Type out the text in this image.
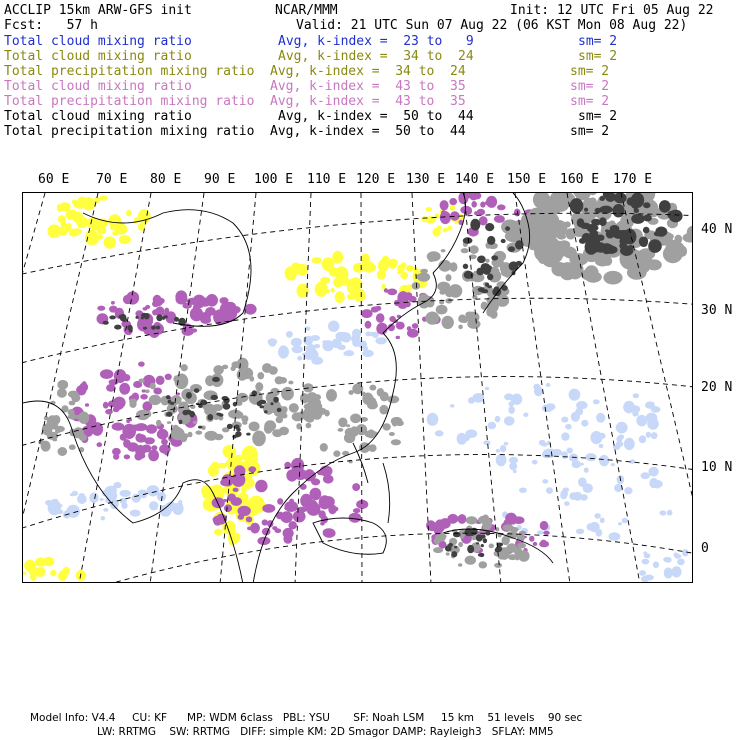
ACCLIP 15km ARW-GFS init	NCAR/MMM	Init: 12 UTC Fri 05 Aug 22
Fcst:   57 h	Valid: 21 UTC Sun 07 Aug 22 (06 KST Mon 08 Aug 22)
Total cloud mixing ratio	Avg, k-index =  23 to   9	sm= 2
Total cloud mixing ratio	Avg, k-index =  34 to  24	sm= 2
Total precipitation mixing ratio Avg, k-index =  34 to  24	sm= 2
Total cloud mixing ratio	Avg, k-index =  43 to  35	sm= 2
Total precipitation mixing ratio Avg, k-index =  43 to  35	sm= 2
Total cloud mixing ratio	Avg, k-index =  50 to  44	sm= 2
Total precipitation mixing ratio Avg, k-index =  50 to  44	sm= 2
60 E 70 E 80 E 90 E 100 E 110 E 120 E 130 E 140 E 150 E 160 E 170 E
40 N
30 N
20 N
10 N
0
Model Info: V4.4     CU: KF      MP: WDM 6class   PBL: YSU       SF: Noah LSM     15 km    51 levels    90 sec
LW: RRTMG    SW: RRTMG   DIFF: simple KM: 2D Smagor DAMP: Rayleigh3   SFLAY: MM5
